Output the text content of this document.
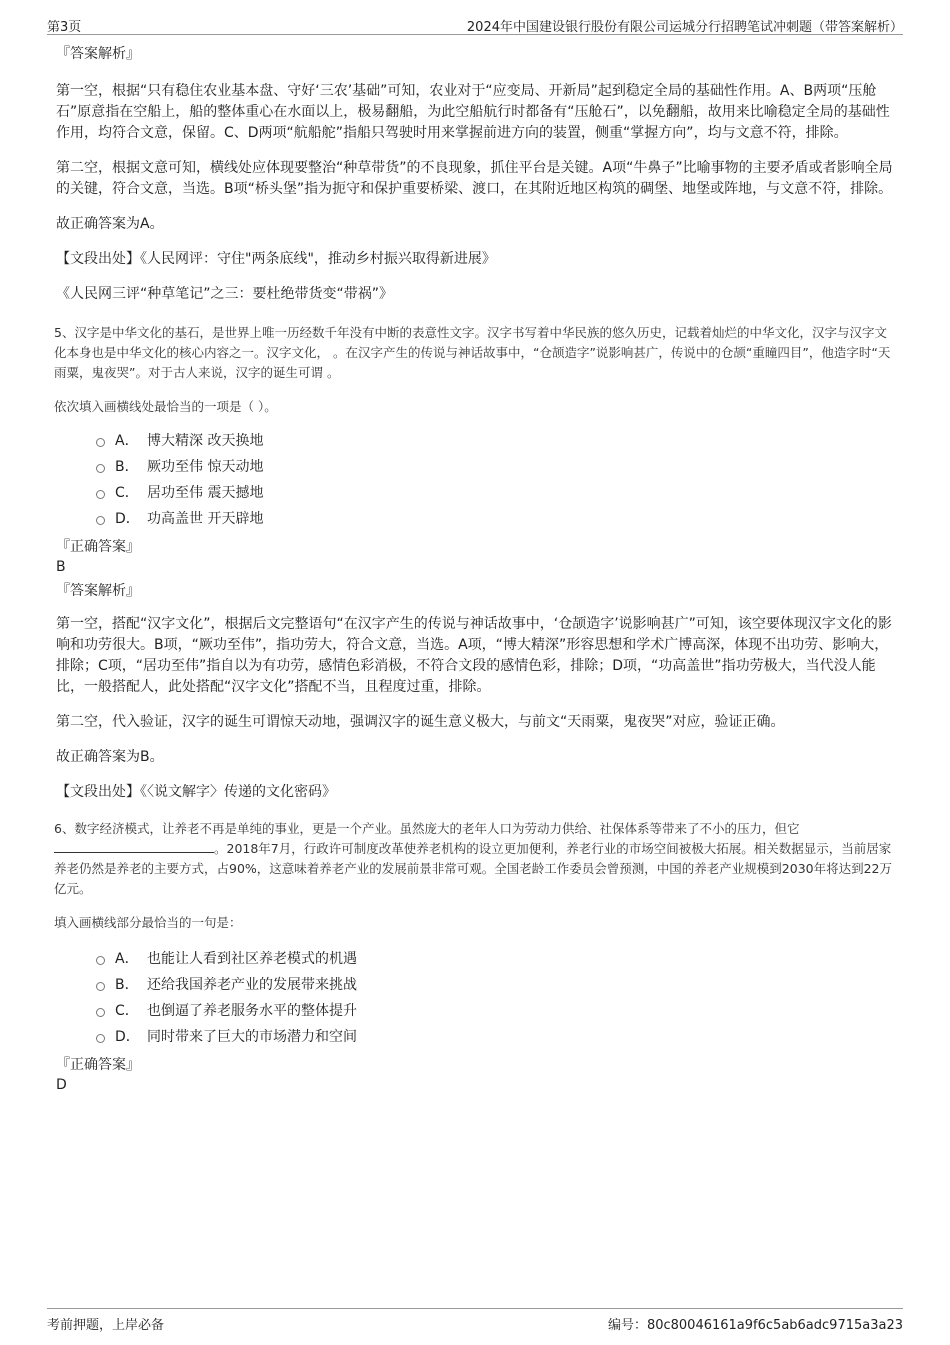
第3页	2024年中国建设银行股份有限公司运城分行招聘笔试冲刺题（带答案解析）
『答案解析』
第一空，根据“只有稳住农业基本盘、守好‘三农’基础”可知，农业对于“应变局、开新局”起到稳定全局的基础性作用。A、B两项“压舱石”原意指在空船上，船的整体重心在水面以上，极易翻船，为此空船航行时都备有“压舱石”，以免翻船，故用来比喻稳定全局的基础性作用，均符合文意，保留。C、D两项“航船舵”指船只驾驶时用来掌握前进方向的装置，侧重“掌握方向”，均与文意不符，排除。
第二空，根据文意可知，横线处应体现要整治“种草带货”的不良现象，抓住平台是关键。A项“牛鼻子”比喻事物的主要矛盾或者影响全局的关键，符合文意，当选。B项“桥头堡”指为扼守和保护重要桥梁、渡口，在其附近地区构筑的碉堡、地堡或阵地，与文意不符，排除。
故正确答案为A。
【文段出处】《人民网评：守住"两条底线"，推动乡村振兴取得新进展》
《人民网三评“种草笔记”之三：要杜绝带货变“带祸”》
5、汉字是中华文化的基石，是世界上唯一历经数千年没有中断的表意性文字。汉字书写着中华民族的悠久历史，记载着灿烂的中华文化，汉字与汉字文化本身也是中华文化的核心内容之一。汉字文化， 。在汉字产生的传说与神话故事中，“仓颉造字”说影响甚广，传说中的仓颉“重瞳四目”，他造字时“天雨粟，鬼夜哭”。对于古人来说，汉字的诞生可谓 。
依次填入画横线处最恰当的一项是（ ）。
A． 博大精深 改天换地
B． 厥功至伟 惊天动地
C． 居功至伟 震天撼地
D． 功高盖世 开天辟地
『正确答案』
B
『答案解析』
第一空，搭配“汉字文化”，根据后文完整语句“在汉字产生的传说与神话故事中，‘仓颉造字’说影响甚广”可知，该空要体现汉字文化的影响和功劳很大。B项，“厥功至伟”，指功劳大，符合文意，当选。A项，“博大精深”形容思想和学术广博高深，体现不出功劳、影响大，排除；C项，“居功至伟”指自以为有功劳，感情色彩消极，不符合文段的感情色彩，排除；D项，“功高盖世”指功劳极大，当代没人能比，一般搭配人，此处搭配“汉字文化”搭配不当，且程度过重，排除。
第二空，代入验证，汉字的诞生可谓惊天动地，强调汉字的诞生意义极大，与前文“天雨粟，鬼夜哭”对应，验证正确。
故正确答案为B。
【文段出处】《〈说文解字〉传递的文化密码》
6、数字经济模式，让养老不再是单纯的事业，更是一个产业。虽然庞大的老年人口为劳动力供给、社保体系等带来了不小的压力，但它
。2018年7月，行政许可制度改革使养老机构的设立更加便利，养老行业的市场空间被极大拓展。相关数据显示，当前居家养老仍然是养老的主要方式，占90%，这意味着养老产业的发展前景非常可观。全国老龄工作委员会曾预测，中国的养老产业规模到2030年将达到22万亿元。
填入画横线部分最恰当的一句是：
A． 也能让人看到社区养老模式的机遇
B． 还给我国养老产业的发展带来挑战
C． 也倒逼了养老服务水平的整体提升
D． 同时带来了巨大的市场潜力和空间
『正确答案』
D
考前押题，上岸必备	编号：80c80046161a9f6c5ab6adc9715a3a23
